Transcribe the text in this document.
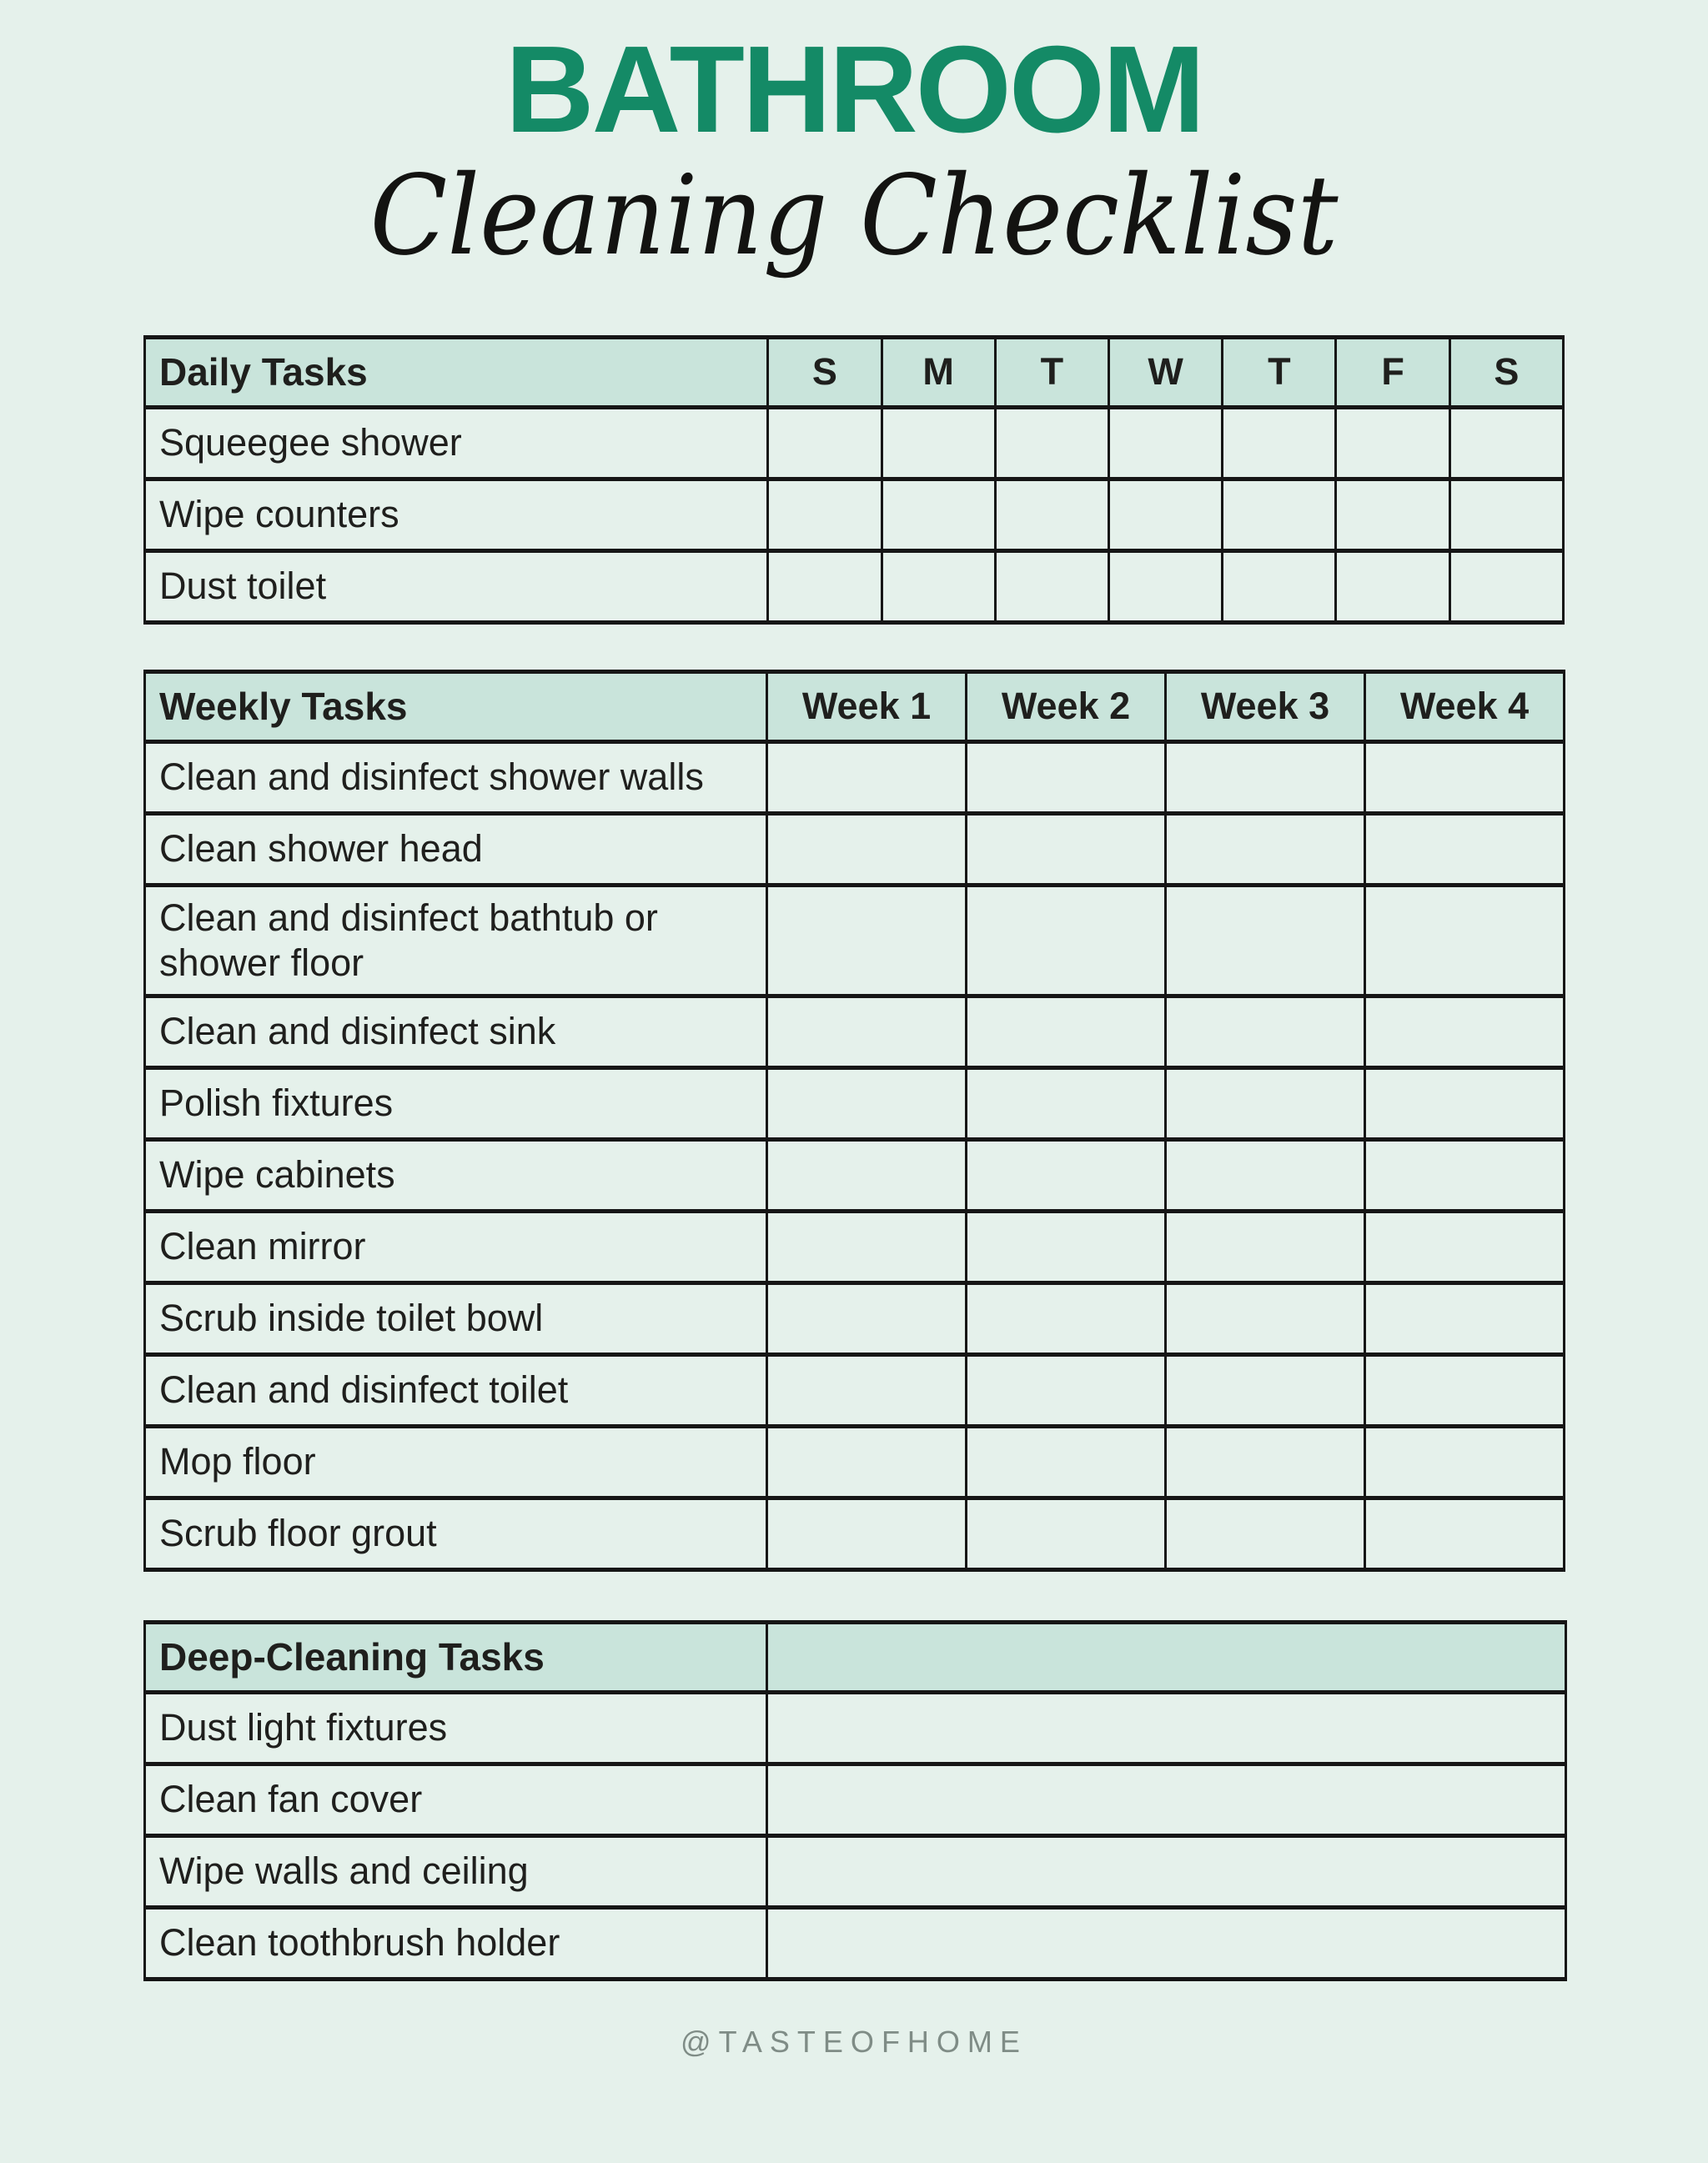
BATHROOM
Cleaning Checklist
Daily Tasks	S	M	T	W	T	F	S
Squeegee shower							
Wipe counters							
Dust toilet							
Weekly Tasks	Week 1	Week 2	Week 3	Week 4
Clean and disinfect shower walls				
Clean shower head				
Clean and disinfect bathtub or shower floor				
Clean and disinfect sink				
Polish fixtures				
Wipe cabinets				
Clean mirror				
Scrub inside toilet bowl				
Clean and disinfect toilet				
Mop floor				
Scrub floor grout				
Deep-Cleaning Tasks	
Dust light fixtures	
Clean fan cover	
Wipe walls and ceiling	
Clean toothbrush holder	
@TASTEOFHOME
